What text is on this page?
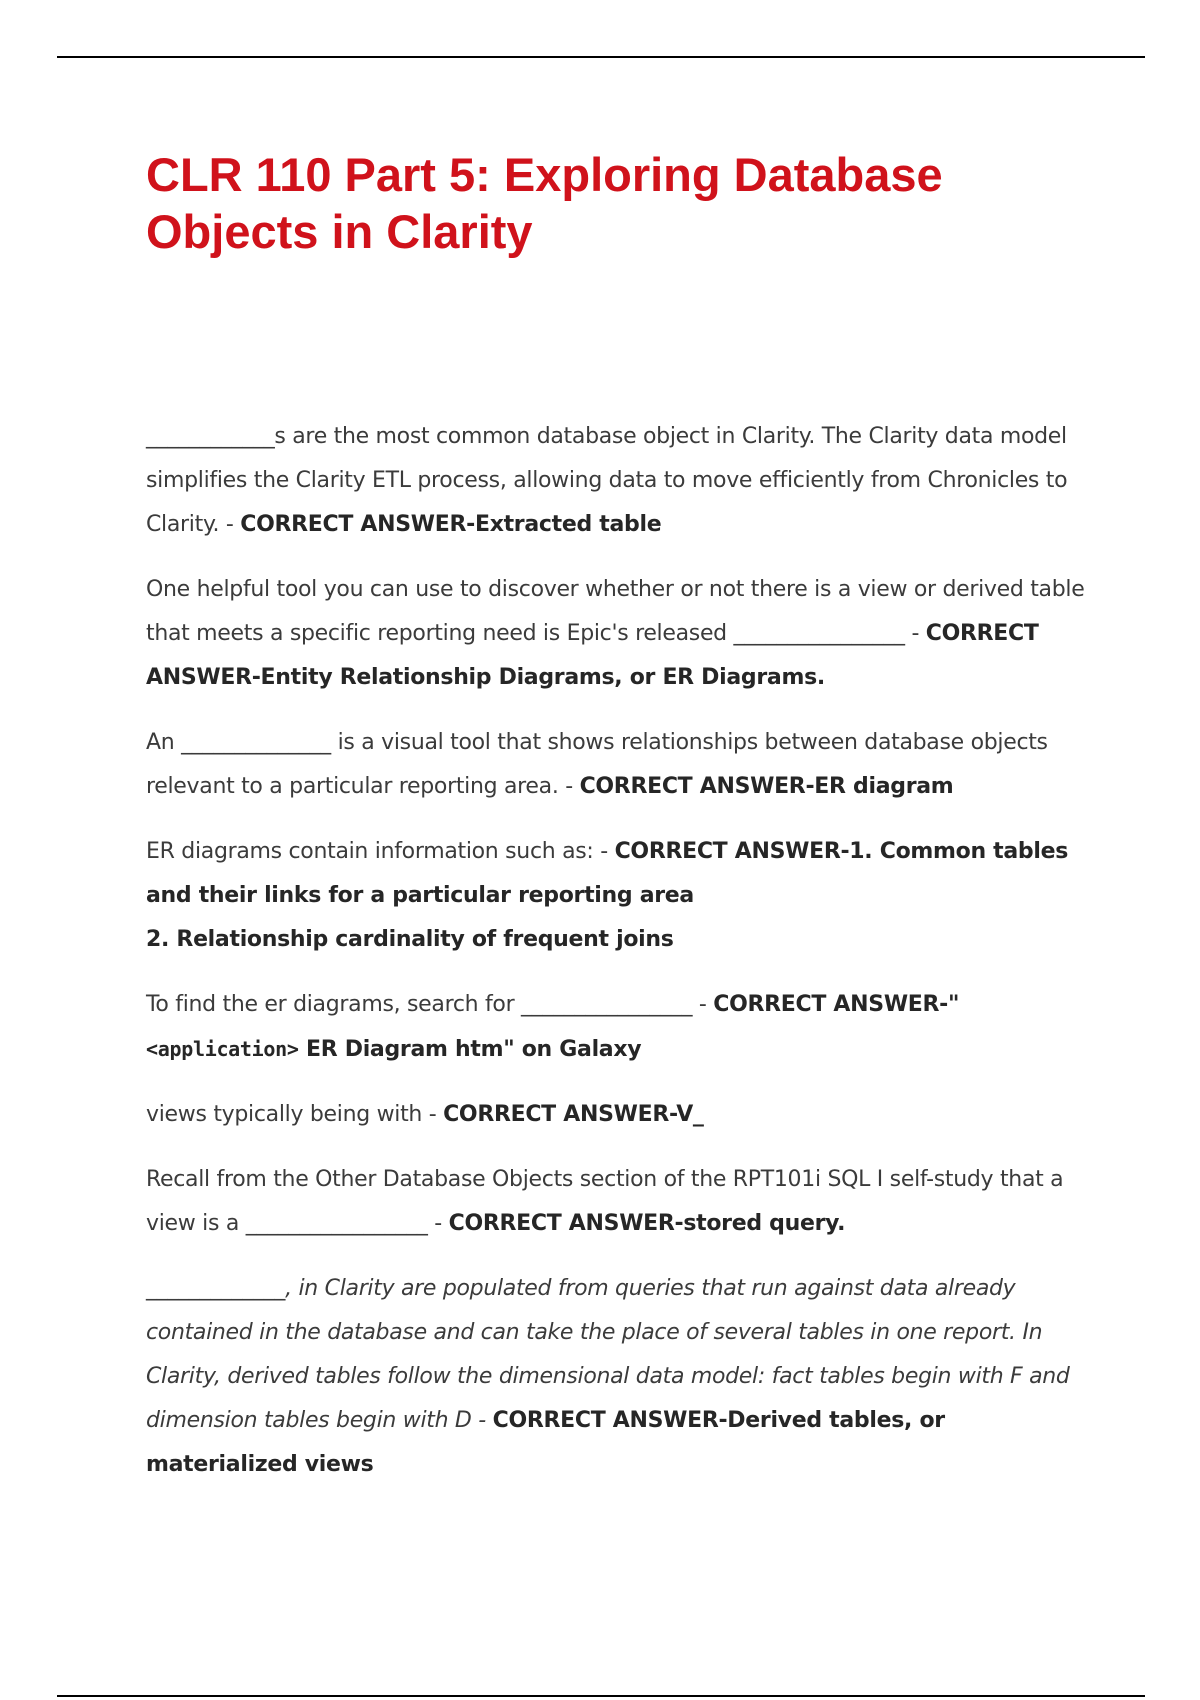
CLR 110 Part 5: Exploring Database Objects in Clarity

____________s are the most common database object in Clarity. The Clarity data model simplifies the Clarity ETL process, allowing data to move efficiently from Chronicles to Clarity. - CORRECT ANSWER-Extracted table

One helpful tool you can use to discover whether or not there is a view or derived table that meets a specific reporting need is Epic's released ________________ - CORRECT ANSWER-Entity Relationship Diagrams, or ER Diagrams.

An ______________ is a visual tool that shows relationships between database objects relevant to a particular reporting area. - CORRECT ANSWER-ER diagram

ER diagrams contain information such as: - CORRECT ANSWER-1. Common tables and their links for a particular reporting area
2. Relationship cardinality of frequent joins

To find the er diagrams, search for ________________ - CORRECT ANSWER-"<application> ER Diagram htm" on Galaxy

views typically being with - CORRECT ANSWER-V_

Recall from the Other Database Objects section of the RPT101i SQL I self-study that a view is a _________________ - CORRECT ANSWER-stored query.

_____________, in Clarity are populated from queries that run against data already contained in the database and can take the place of several tables in one report. In Clarity, derived tables follow the dimensional data model: fact tables begin with F and dimension tables begin with D - CORRECT ANSWER-Derived tables, or materialized views
